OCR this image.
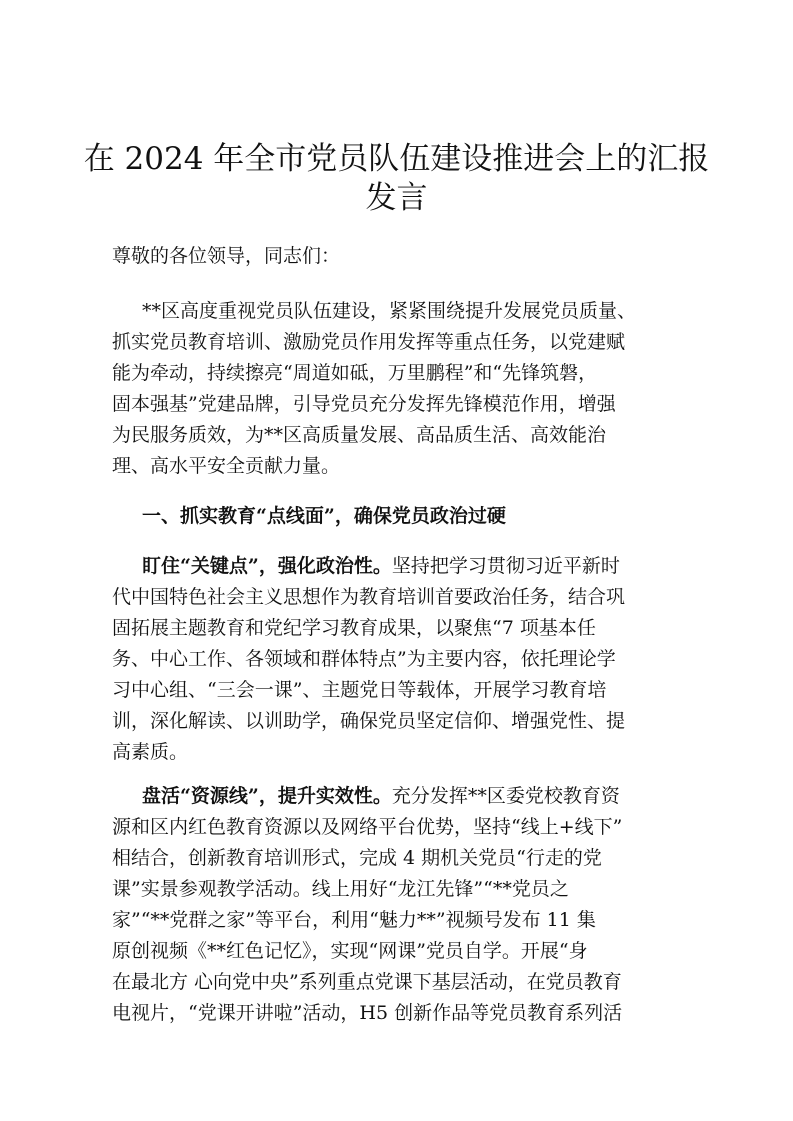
在 2024 年全市党员队伍建设推进会上的汇报
发言
尊敬的各位领导，同志们：
**区高度重视党员队伍建设，紧紧围绕提升发展党员质量、
抓实党员教育培训、激励党员作用发挥等重点任务，以党建赋
能为牵动，持续擦亮“周道如砥，万里鹏程”和“先锋筑磐，
固本强基”党建品牌，引导党员充分发挥先锋模范作用，增强
为民服务质效，为**区高质量发展、高品质生活、高效能治
理、高水平安全贡献力量。
一、抓实教育“点线面”，确保党员政治过硬
盯住“关键点”，强化政治性。坚持把学习贯彻习近平新时
代中国特色社会主义思想作为教育培训首要政治任务，结合巩
固拓展主题教育和党纪学习教育成果，以聚焦“7 项基本任
务、中心工作、各领域和群体特点”为主要内容，依托理论学
习中心组、“三会一课”、主题党日等载体，开展学习教育培
训，深化解读、以训助学，确保党员坚定信仰、增强党性、提
高素质。
盘活“资源线”，提升实效性。充分发挥**区委党校教育资
源和区内红色教育资源以及网络平台优势，坚持“线上+线下”
相结合，创新教育培训形式，完成 4 期机关党员“行走的党
课”实景参观教学活动。线上用好“龙江先锋”“**党员之
家”“**党群之家”等平台，利用“魅力**”视频号发布 11 集
原创视频《**红色记忆》，实现“网课”党员自学。开展“身
在最北方 心向党中央”系列重点党课下基层活动，在党员教育
电视片，“党课开讲啦”活动，H5 创新作品等党员教育系列活
